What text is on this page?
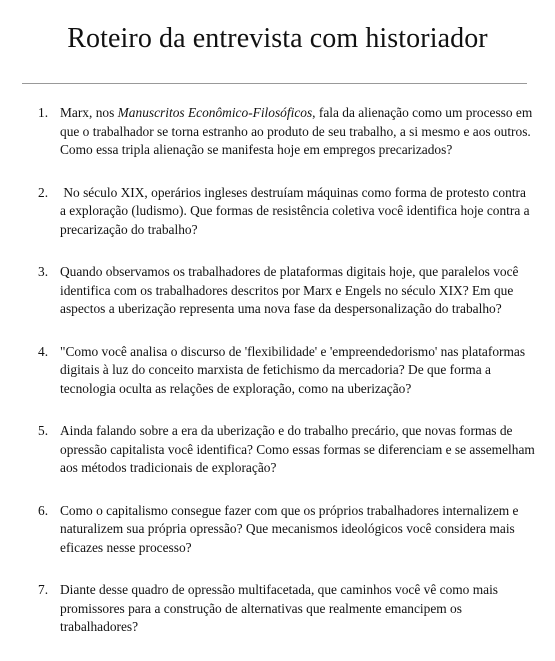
Roteiro da entrevista com historiador
1. Marx, nos Manuscritos Econômico-Filosóficos, fala da alienação como um processo em que o trabalhador se torna estranho ao produto de seu trabalho, a si mesmo e aos outros. Como essa tripla alienação se manifesta hoje em empregos precarizados?
2. No século XIX, operários ingleses destruíam máquinas como forma de protesto contra a exploração (ludismo). Que formas de resistência coletiva você identifica hoje contra a precarização do trabalho?
3. Quando observamos os trabalhadores de plataformas digitais hoje, que paralelos você identifica com os trabalhadores descritos por Marx e Engels no século XIX? Em que aspectos a uberização representa uma nova fase da despersonalização do trabalho?
4. "Como você analisa o discurso de 'flexibilidade' e 'empreendedorismo' nas plataformas digitais à luz do conceito marxista de fetichismo da mercadoria? De que forma a tecnologia oculta as relações de exploração, como na uberização?
5. Ainda falando sobre a era da uberização e do trabalho precário, que novas formas de opressão capitalista você identifica? Como essas formas se diferenciam e se assemelham aos métodos tradicionais de exploração?
6. Como o capitalismo consegue fazer com que os próprios trabalhadores internalizem e naturalizem sua própria opressão? Que mecanismos ideológicos você considera mais eficazes nesse processo?
7. Diante desse quadro de opressão multifacetada, que caminhos você vê como mais promissores para a construção de alternativas que realmente emancipem os trabalhadores?
